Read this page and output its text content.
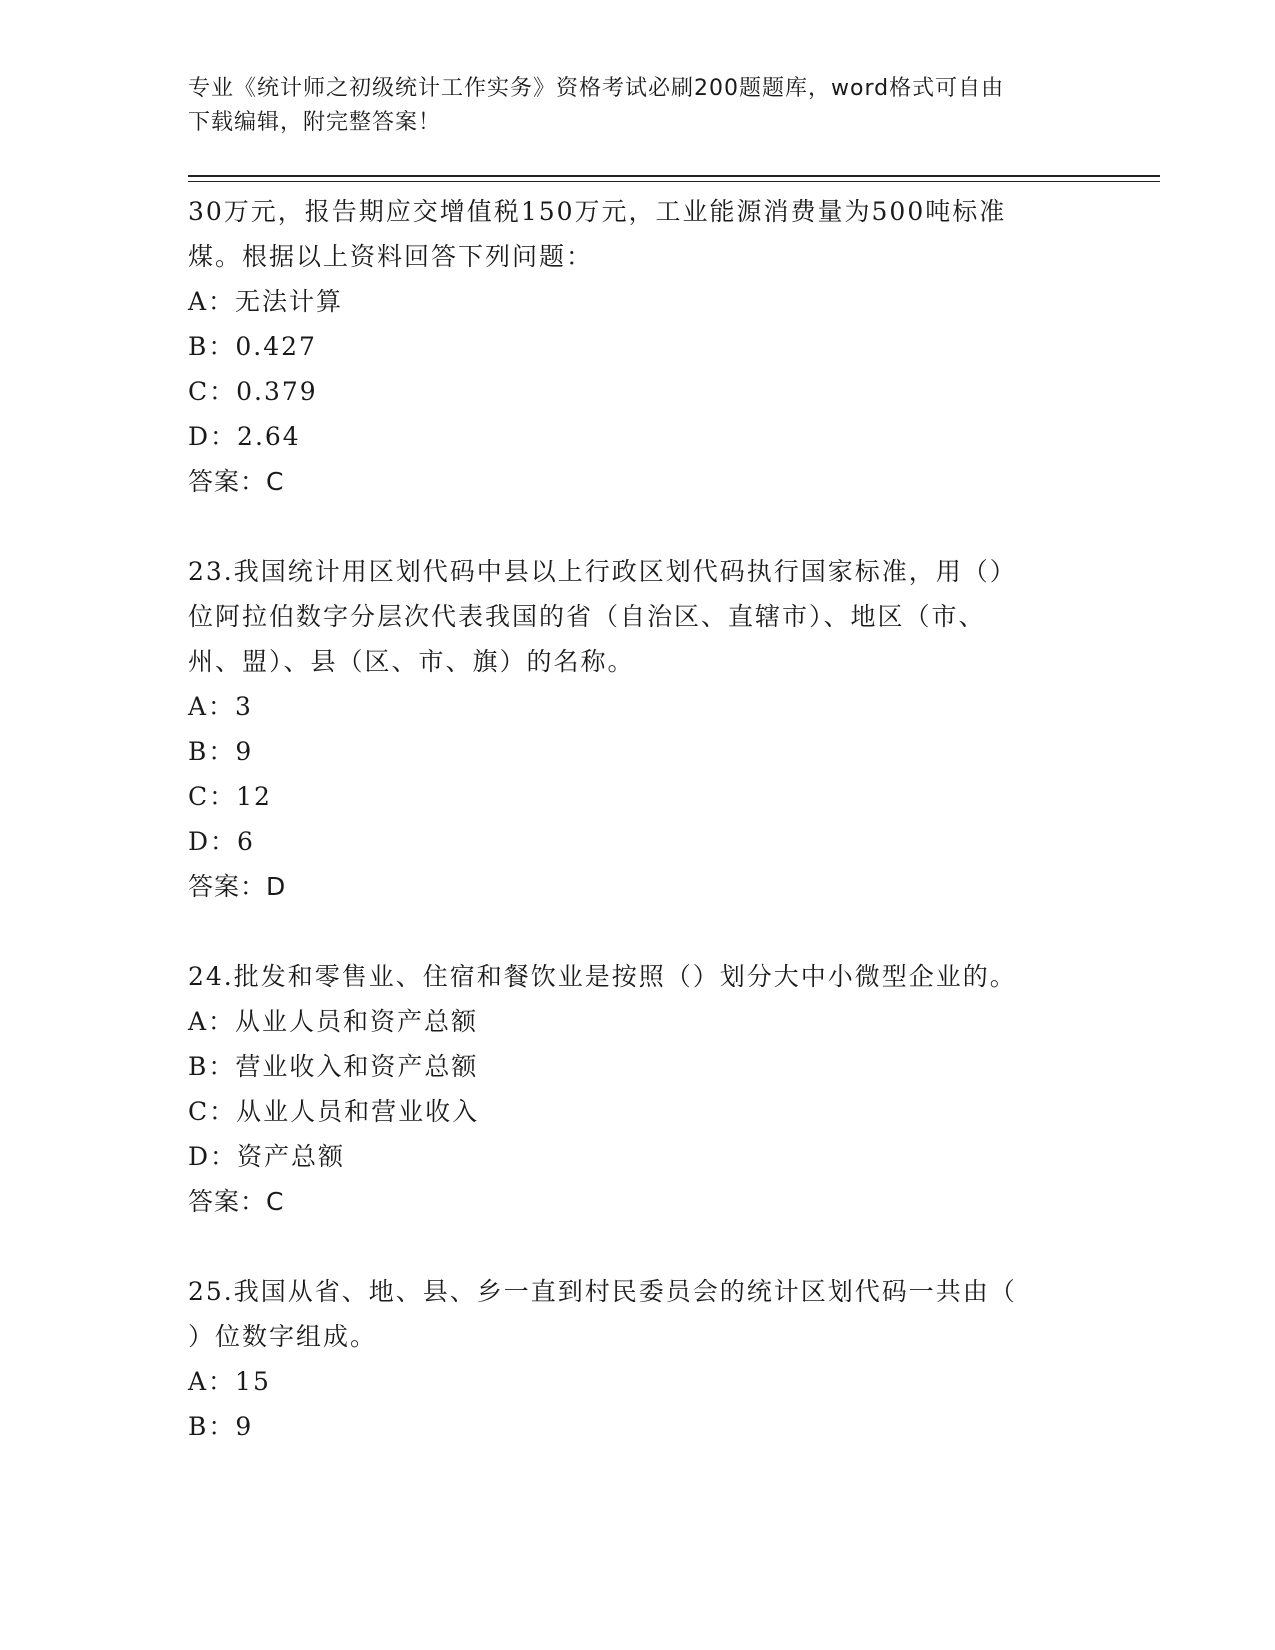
专业《统计师之初级统计工作实务》资格考试必刷200题题库，word格式可自由
下载编辑，附完整答案！
30万元，报告期应交增值税150万元，工业能源消费量为500吨标准
煤。根据以上资料回答下列问题：
A：无法计算
B：0.427
C：0.379
D：2.64
答案：C
23.我国统计用区划代码中县以上行政区划代码执行国家标准，用（）
位阿拉伯数字分层次代表我国的省（自治区、直辖市）、地区（市、
州、盟）、县（区、市、旗）的名称。
A：3
B：9
C：12
D：6
答案：D
24.批发和零售业、住宿和餐饮业是按照（）划分大中小微型企业的。
A：从业人员和资产总额
B：营业收入和资产总额
C：从业人员和营业收入
D：资产总额
答案：C
25.我国从省、地、县、乡一直到村民委员会的统计区划代码一共由（
）位数字组成。
A：15
B：9
